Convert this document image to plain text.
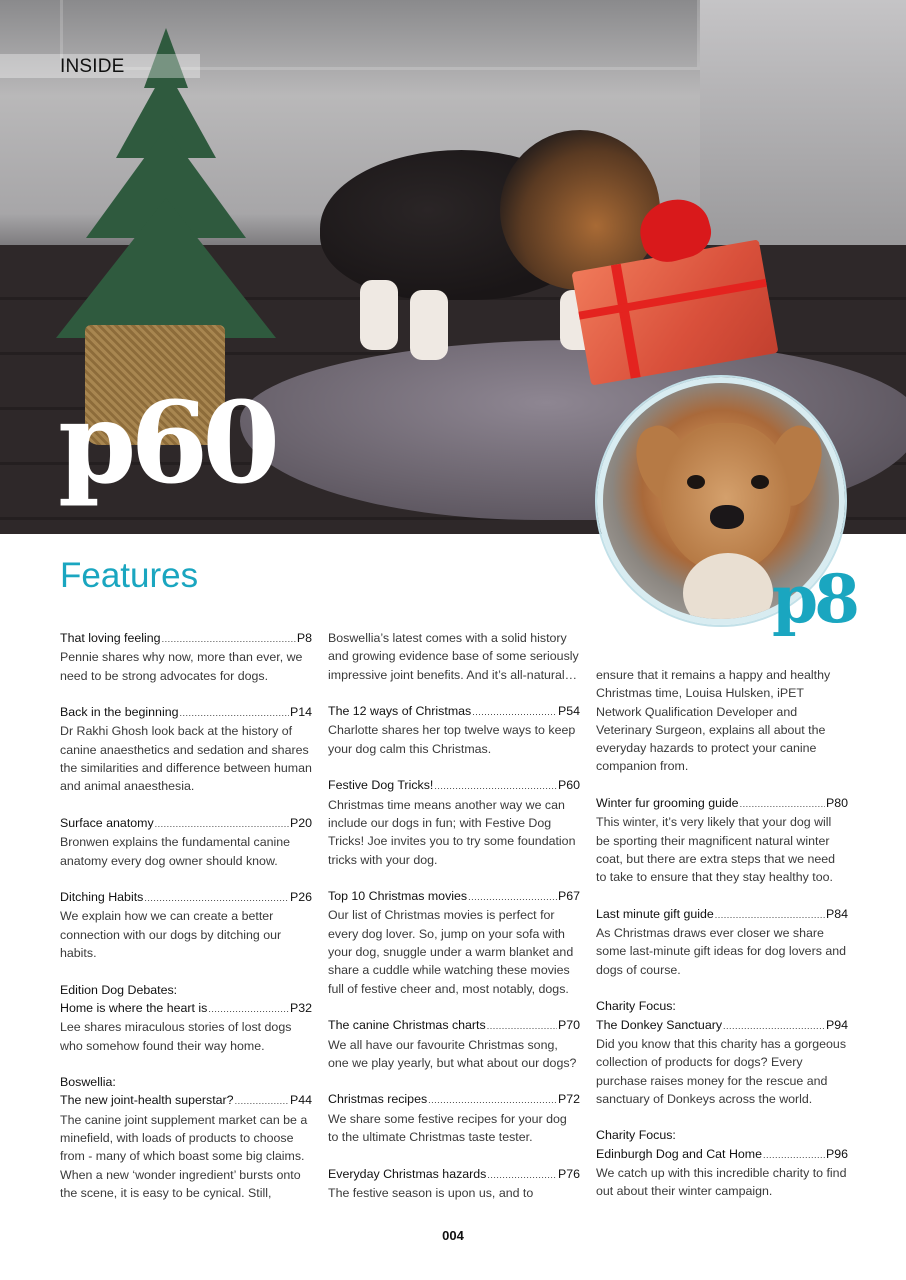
INSIDE
p60
p8
Features
That loving feeling .....	P8
Pennie shares why now, more than ever, we need to be strong advocates for dogs.
Back in the beginning .....	P14
Dr Rakhi Ghosh look back at the history of canine anaesthetics and sedation and shares the similarities and difference between human and animal anaesthesia.
Surface anatomy .....	P20
Bronwen explains the fundamental canine anatomy every dog owner should know.
Ditching Habits .....	P26
We explain how we can create a better connection with our dogs by ditching our habits.
Edition Dog Debates:
Home is where the heart is .....	P32
Lee shares miraculous stories of lost dogs who somehow found their way home.
Boswellia:
The new joint-health superstar? .....	P44
The canine joint supplement market can be a minefield, with loads of products to choose from - many of which boast some big claims. When a new ‘wonder ingredient’ bursts onto the scene, it is easy to be cynical. Still,
Boswellia’s latest comes with a solid history and growing evidence base of some seriously impressive joint benefits. And it’s all-natural…
The 12 ways of Christmas .....	P54
Charlotte shares her top twelve ways to keep your dog calm this Christmas.
Festive Dog Tricks! .....	P60
Christmas time means another way we can include our dogs in fun; with Festive Dog Tricks! Joe invites you to try some foundation tricks with your dog.
Top 10 Christmas movies .....	P67
Our list of Christmas movies is perfect for every dog lover. So, jump on your sofa with your dog, snuggle under a warm blanket and share a cuddle while watching these movies full of festive cheer and, most notably, dogs.
The canine Christmas charts .....	P70
We all have our favourite Christmas song, one we play yearly, but what about our dogs?
Christmas recipes .....	P72
We share some festive recipes for your dog to the ultimate Christmas taste tester.
Everyday Christmas hazards .....	P76
The festive season is upon us, and to
ensure that it remains a happy and healthy Christmas time, Louisa Hulsken, iPET Network Qualification Developer and Veterinary Surgeon, explains all about the everyday hazards to protect your canine companion from.
Winter fur grooming guide .....	P80
This winter, it’s very likely that your dog will be sporting their magnificent natural winter coat, but there are extra steps that we need to take to ensure that they stay healthy too.
Last minute gift guide .....	P84
As Christmas draws ever closer we share some last-minute gift ideas for dog lovers and dogs of course.
Charity Focus:
The Donkey Sanctuary .....	P94
Did you know that this charity has a gorgeous collection of products for dogs? Every purchase raises money for the rescue and sanctuary of Donkeys across the world.
Charity Focus:
Edinburgh Dog and Cat Home .....	P96
We catch up with this incredible charity to find out about their winter campaign.
004
